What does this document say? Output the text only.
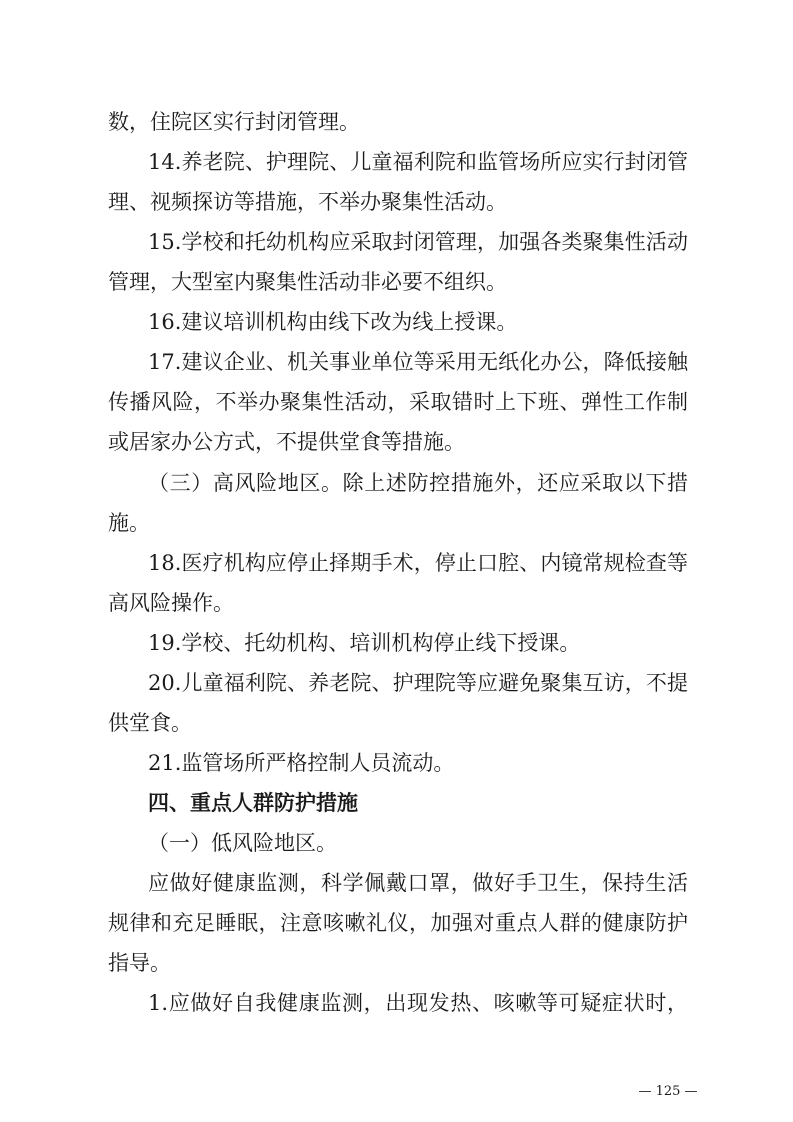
数，住院区实行封闭管理。
14.养老院、护理院、儿童福利院和监管场所应实行封闭管
理、视频探访等措施，不举办聚集性活动。
15.学校和托幼机构应采取封闭管理，加强各类聚集性活动
管理，大型室内聚集性活动非必要不组织。
16.建议培训机构由线下改为线上授课。
17.建议企业、机关事业单位等采用无纸化办公，降低接触
传播风险，不举办聚集性活动，采取错时上下班、弹性工作制
或居家办公方式，不提供堂食等措施。
（三）高风险地区。除上述防控措施外，还应采取以下措
施。
18.医疗机构应停止择期手术，停止口腔、内镜常规检查等
高风险操作。
19.学校、托幼机构、培训机构停止线下授课。
20.儿童福利院、养老院、护理院等应避免聚集互访，不提
供堂食。
21.监管场所严格控制人员流动。
四、重点人群防护措施
（一）低风险地区。
应做好健康监测，科学佩戴口罩，做好手卫生，保持生活
规律和充足睡眠，注意咳嗽礼仪，加强对重点人群的健康防护
指导。
1.应做好自我健康监测，出现发热、咳嗽等可疑症状时，
— 125 —
